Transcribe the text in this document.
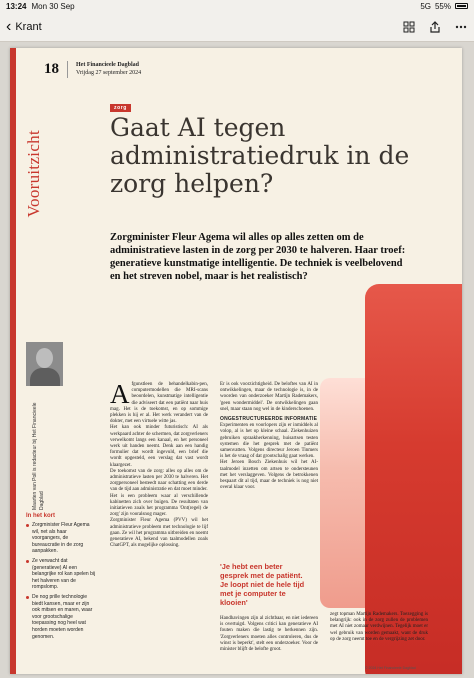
13:24 Mon 30 Sep	5G 55%
‹ Krant
18	Het Financieele Dagblad
Vrijdag 27 september 2024
Vooruitzicht
zorg
Gaat AI tegen administratiedruk in de zorg helpen?
Zorgminister Fleur Agema wil alles op alles zetten om de administratieve lasten in de zorg per 2030 te halveren. Haar troef: generatieve kunstmatige intelligentie. De techniek is veelbelovend en het streven nobel, maar is het realistisch?
Maarten van Poll is redacteur bij Het Financieele Dagblad
In het kort
Zorgminister Fleur Agema wil, net als haar voorgangers, de bureaucratie in de zorg aanpakken.
Ze verwacht dat (generatieve) AI een belangrijke rol kan spelen bij het halveren van de rompslomp.
De nog prille technologie biedt kansen, maar er zijn ook mitsen en maren, waar voor grootschalige toepassing nog heel wat horden moeten worden genomen.
A fgunstleen de behandelkabin-pen, computermodellen die MRI-scans beoordelen, kunstmatige intelligentie die adviseert dat een patiënt naar huis mag. Het is de toekomst, en op sommige plekken is hij er al. Het werk verandert van de dokter, met een virtuele witte jas.

Het kan ook minder futuristisch: AI als werkpaard achter de schermen, dat zorgverleners verwelkomt langs een kanaal, en het personeel werk uit handen neemt. Denk aan een handig formulier dat wordt ingevuld, een brief die wordt opgesteld, een verslag dat vast wordt klaargezet.

De toekomst van de zorg: alles op alles om de administratieve lasten per 2030 te halveren. Het zorgpersoneel besteedt naar schatting een derde van de tijd aan administratie en dat moet minder.

Het is een probleem waar al verschillende kabinetten zich over buigen. De resultaten van initiatieven zoals het programma 'Ont(regel) de zorg' zijn vooralsnog mager.

Zorgminister Fleur Agema (PVV) wil het administratieve probleem met technologie te lijf gaan. Ze wil het programma uitbreiden en noemt generatieve AI, bekend van taalmodellen zoals ChatGPT, als mogelijke oplossing.

Er is ook voorzichtigheid. De beloftes van AI in ontwikkelingen, maar de technologie is, in de woorden van onderzoeker Martijn Rademakers, 'geen wondermiddel'. De ontwikkelingen gaan snel, maar staan nog wel in de kinderschoenen.

ONGESTRUCTUREERDE INFORMATIE

Experimenten en voorlopers zijn er inmiddels al volop, al is het op kleine schaal. Ziekenhuizen gebruiken spraakherkenning, huisartsen testen systemen die het gesprek met de patiënt samenvatten. Volgens directeur Jeroen Tinmers is het de vraag of dat grootschalig gaat werken.

Het Jeroen Bosch Ziekenhuis wil het AI-taalmodel inzetten om artsen te ondersteunen met het verslaggeven. Volgens de betrokkenen bespaart dit al tijd, maar de techniek is nog niet overal klaar voor.

'Je hebt een beter gesprek met de patiënt. Je loopt niet de hele tijd met je computer te klooien'

Handhavingen zijn al zichtbaar, en niet iedereen is overtuigd. Volgens critici kan generatieve AI fouten maken die lastig te herkennen zijn. 'Zorgverleners moeten alles controleren, dus de winst is beperkt', stelt een onderzoeker. Voor de minister blijft de belofte groot.

zegt topman Martijn Rademakers. Toezegging is belangrijk: ook in de zorg zullen de problemen met AI niet zomaar verdwijnen. Tegelijk moet er wel gebruik van worden gemaakt, want de druk op de zorg neemt toe en de vergrijzing zet door.

© 2024 Het Financieele Dagblad
